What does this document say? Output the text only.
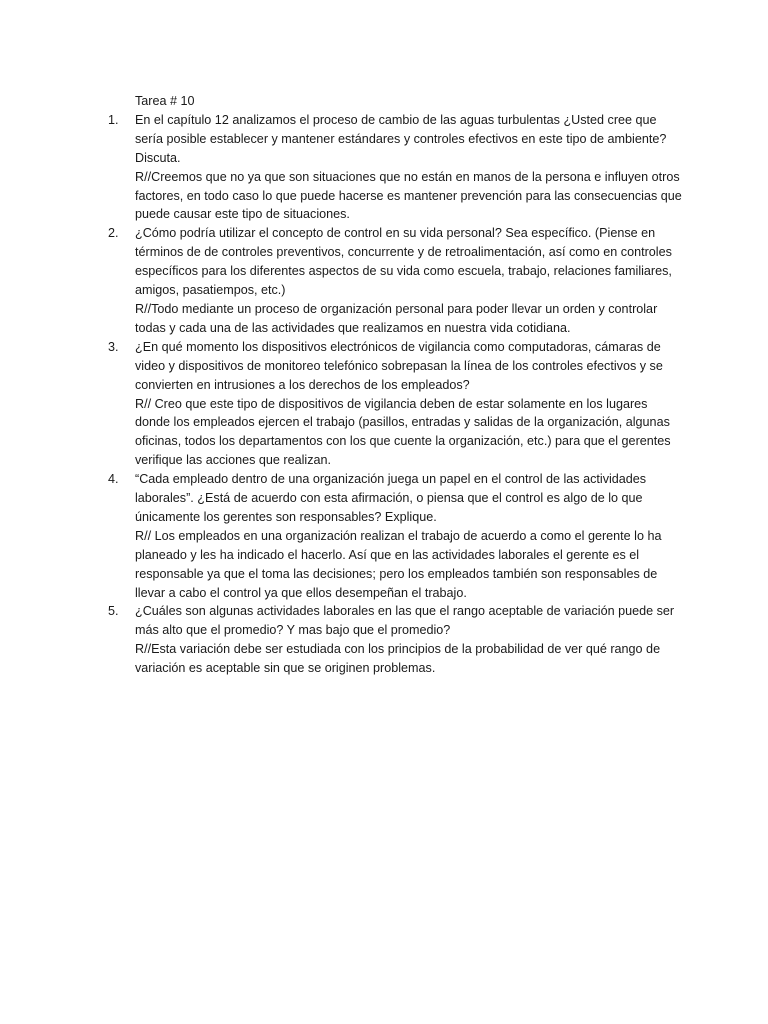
Tarea # 10
1.	En el capítulo 12 analizamos el proceso de cambio de las aguas turbulentas ¿Usted cree que sería posible establecer y mantener estándares y controles efectivos en este tipo de ambiente? Discuta.

R//Creemos que no ya que son situaciones que no están en manos de la persona e influyen otros factores, en todo caso lo que puede hacerse es mantener prevención para las consecuencias que puede causar este tipo de situaciones.

2.	¿Cómo podría utilizar el concepto de control en su vida personal? Sea específico. (Piense en términos de de controles preventivos, concurrente y de retroalimentación, así como en controles específicos para los diferentes aspectos de su vida como escuela, trabajo, relaciones familiares, amigos, pasatiempos, etc.)

R//Todo mediante un proceso de organización personal para poder llevar un orden y controlar todas y cada una de las actividades que realizamos en nuestra vida cotidiana.

3.	¿En qué momento los dispositivos electrónicos de vigilancia como computadoras, cámaras de video y dispositivos de monitoreo telefónico sobrepasan la línea de los controles efectivos y se convierten en intrusiones a los derechos de los empleados?

R// Creo que este tipo de dispositivos de vigilancia deben de estar solamente en los lugares donde los empleados ejercen el trabajo (pasillos, entradas y salidas de la organización, algunas oficinas, todos los departamentos con los que cuente la organización, etc.) para que el gerentes verifique las acciones que realizan.

4.	“Cada empleado dentro de una organización juega un papel en el control de las actividades laborales”. ¿Está de acuerdo con esta afirmación, o piensa que el control es algo de lo que únicamente los gerentes son responsables? Explique.

R// Los empleados en una organización realizan el trabajo de acuerdo a como el gerente lo ha planeado y les ha indicado el hacerlo. Así que en las actividades laborales el gerente es el responsable ya que el toma las decisiones; pero los empleados también son responsables de llevar a cabo el control ya que ellos desempeñan el trabajo.

5.	¿Cuáles son algunas actividades laborales en las que el rango aceptable de variación puede ser más alto que el promedio? Y mas bajo que el promedio?

R//Esta variación debe ser estudiada con los principios de la probabilidad de ver qué rango de variación es aceptable sin que se originen problemas.
